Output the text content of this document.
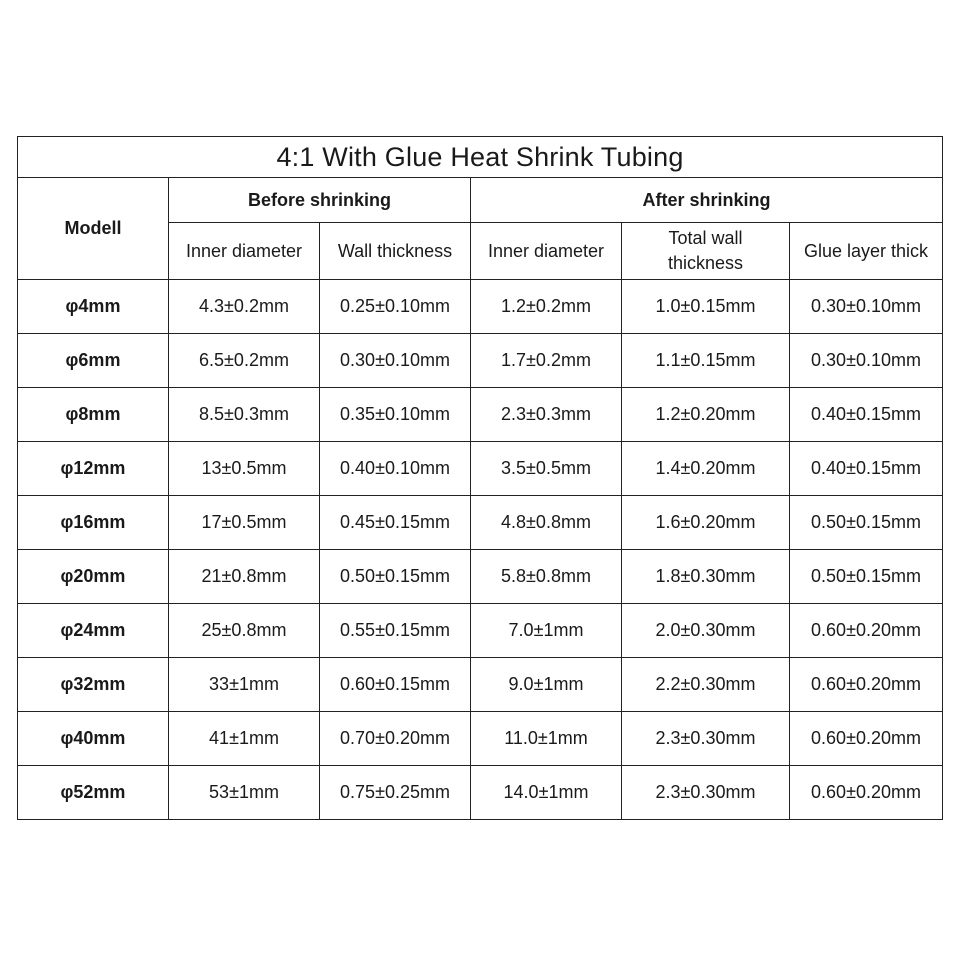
4:1 With Glue Heat Shrink Tubing					
Modell	Before shrinking		After shrinking		
	Inner diameter	Wall thickness	Inner diameter	Total wall thickness	Glue layer thick
φ4mm	4.3±0.2mm	0.25±0.10mm	1.2±0.2mm	1.0±0.15mm	0.30±0.10mm
φ6mm	6.5±0.2mm	0.30±0.10mm	1.7±0.2mm	1.1±0.15mm	0.30±0.10mm
φ8mm	8.5±0.3mm	0.35±0.10mm	2.3±0.3mm	1.2±0.20mm	0.40±0.15mm
φ12mm	13±0.5mm	0.40±0.10mm	3.5±0.5mm	1.4±0.20mm	0.40±0.15mm
φ16mm	17±0.5mm	0.45±0.15mm	4.8±0.8mm	1.6±0.20mm	0.50±0.15mm
φ20mm	21±0.8mm	0.50±0.15mm	5.8±0.8mm	1.8±0.30mm	0.50±0.15mm
φ24mm	25±0.8mm	0.55±0.15mm	7.0±1mm	2.0±0.30mm	0.60±0.20mm
φ32mm	33±1mm	0.60±0.15mm	9.0±1mm	2.2±0.30mm	0.60±0.20mm
φ40mm	41±1mm	0.70±0.20mm	11.0±1mm	2.3±0.30mm	0.60±0.20mm
φ52mm	53±1mm	0.75±0.25mm	14.0±1mm	2.3±0.30mm	0.60±0.20mm
